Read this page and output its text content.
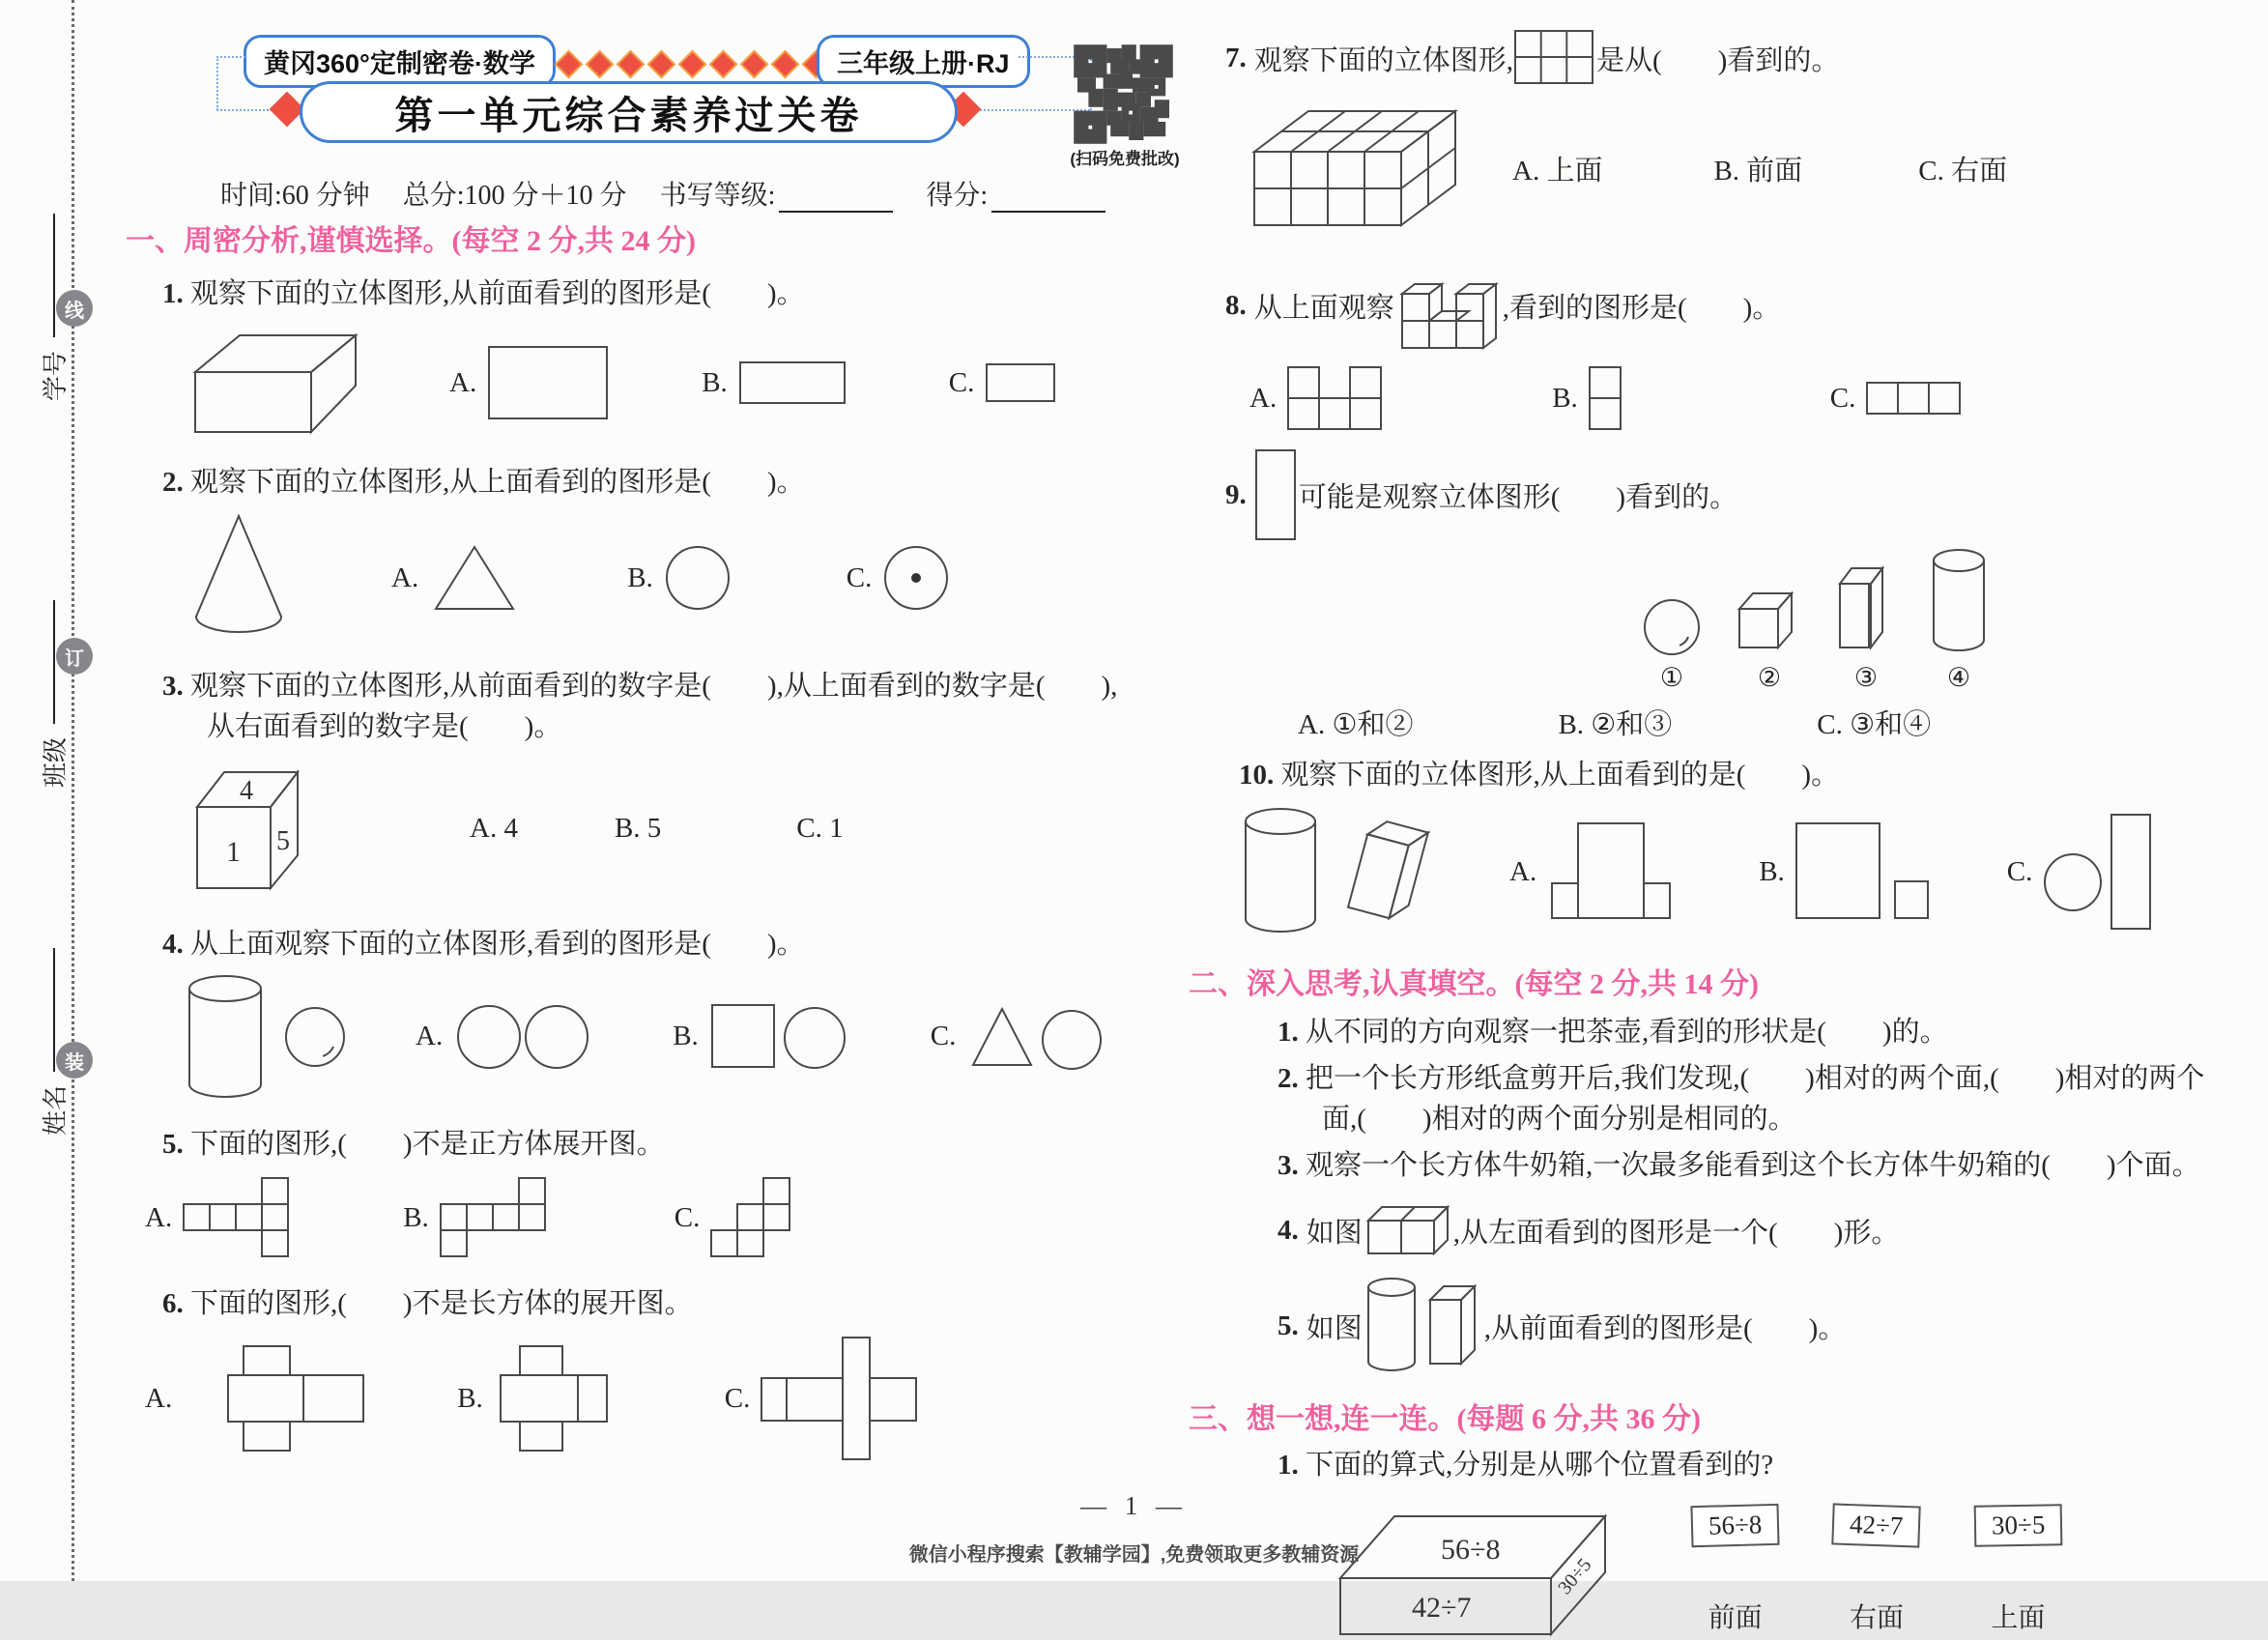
学号
班级
姓名
线
订
装
黄冈360°定制密卷·数学	三年级上册·RJ
第一单元综合素养过关卷
(扫码免费批改)
时间:60 分钟 总分:100 分＋10 分 书写等级:	得分:
一、周密分析,谨慎选择。(每空 2 分,共 24 分)
1. 观察下面的立体图形,从前面看到的图形是(　　)。
A.	B.	C.
2. 观察下面的立体图形,从上面看到的图形是(　　)。
A.	B.	C.
3. 观察下面的立体图形,从前面看到的数字是(　　),从上面看到的数字是(　　),
从右面看到的数字是(　　)。
4
1 5	A. 4	B. 5	C. 1
4. 从上面观察下面的立体图形,看到的图形是(　　)。
A.	B.	C.
5. 下面的图形,(　　)不是正方体展开图。
A.	B.	C.
6. 下面的图形,(　　)不是长方体的展开图。
A.	B.	C.
7. 观察下面的立体图形,	是从(　　)看到的。
A. 上面	B. 前面	C. 右面
8. 从上面观察	,看到的图形是(　　)。
A.	B.	C.
9. 可能是观察立体图形(　　)看到的。
①	②	③	④
A. ①和②	B. ②和③	C. ③和④
10. 观察下面的立体图形,从上面看到的是(　　)。
A.	B.	C.
二、深入思考,认真填空。(每空 2 分,共 14 分)
1. 从不同的方向观察一把茶壶,看到的形状是(　　)的。
2. 把一个长方形纸盒剪开后,我们发现,(　　)相对的两个面,(　　)相对的两个
面,(　　)相对的两个面分别是相同的。
3. 观察一个长方体牛奶箱,一次最多能看到这个长方体牛奶箱的(　　)个面。
4. 如图	,从左面看到的图形是一个(　　)形。
5. 如图	,从前面看到的图形是(　　)。
三、想一想,连一连。(每题 6 分,共 36 分)
1. 下面的算式,分别是从哪个位置看到的?
56÷8
42÷7
30÷5
56÷8
前面
42÷7
右面
30÷5
上面
— 1 —
微信小程序搜索【教辅学园】,免费领取更多教辅资源
